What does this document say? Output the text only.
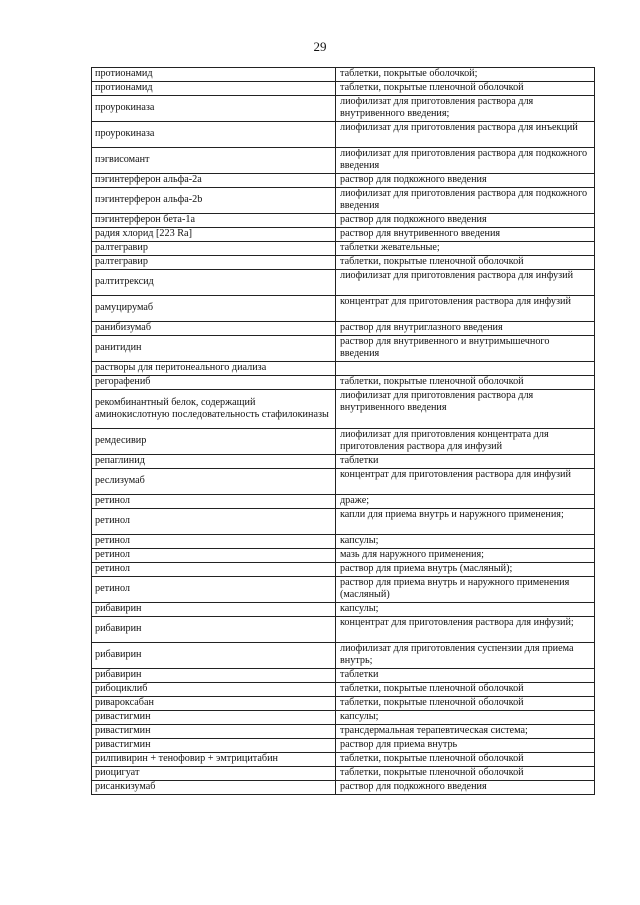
29
протионамид	таблетки, покрытые оболочкой;
протионамид	таблетки, покрытые пленочной оболочкой
проурокиназа	лиофилизат для приготовления раствора для внутривенного введения;
проурокиназа	лиофилизат для приготовления раствора для инъекций
пэгвисомант	лиофилизат для приготовления раствора для подкожного введения
пэгинтерферон альфа-2a	раствор для подкожного введения
пэгинтерферон альфа-2b	лиофилизат для приготовления раствора для подкожного введения
пэгинтерферон бета-1a	раствор для подкожного введения
радия хлорид [223 Ra]	раствор для внутривенного введения
ралтегравир	таблетки жевательные;
ралтегравир	таблетки, покрытые пленочной оболочкой
ралтитрексид	лиофилизат для приготовления раствора для инфузий
рамуцирумаб	концентрат для приготовления раствора для инфузий
ранибизумаб	раствор для внутриглазного введения
ранитидин	раствор для внутривенного и внутримышечного введения
растворы для перитонеального диализа	
регорафениб	таблетки, покрытые пленочной оболочкой
рекомбинантный белок, содержащий аминокислотную последовательность стафилокиназы	лиофилизат для приготовления раствора для внутривенного введения
ремдесивир	лиофилизат для приготовления концентрата для приготовления раствора для инфузий
репаглинид	таблетки
реслизумаб	концентрат для приготовления раствора для инфузий
ретинол	драже;
ретинол	капли для приема внутрь и наружного применения;
ретинол	капсулы;
ретинол	мазь для наружного применения;
ретинол	раствор для приема внутрь (масляный);
ретинол	раствор для приема внутрь и наружного применения (масляный)
рибавирин	капсулы;
рибавирин	концентрат для приготовления раствора для инфузий;
рибавирин	лиофилизат для приготовления суспензии для приема внутрь;
рибавирин	таблетки
рибоциклиб	таблетки, покрытые пленочной оболочкой
ривароксабан	таблетки, покрытые пленочной оболочкой
ривастигмин	капсулы;
ривастигмин	трансдермальная терапевтическая система;
ривастигмин	раствор для приема внутрь
рилпивирин + тенофовир + эмтрицитабин	таблетки, покрытые пленочной оболочкой
риоцигуат	таблетки, покрытые пленочной оболочкой
рисанкизумаб	раствор для подкожного введения
